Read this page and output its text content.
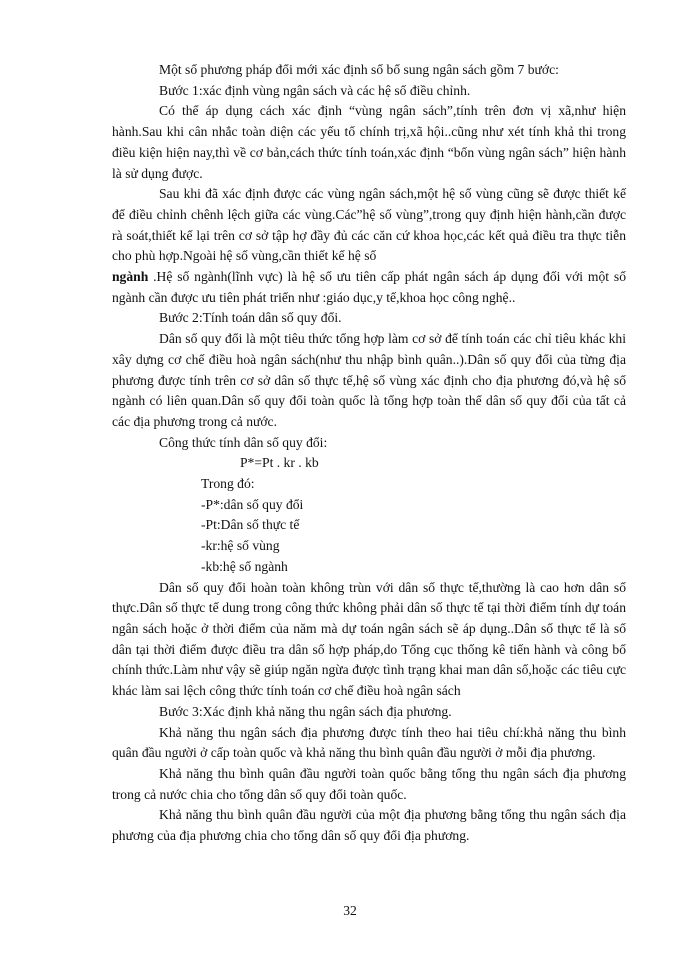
Một số phương pháp đổi mới xác định số bổ sung ngân sách gồm 7 bước:

Bước 1:xác định vùng ngân sách và các hệ số điều chỉnh.

Có thể áp dụng cách xác định “vùng ngân sách”,tính trên đơn vị xã,như hiện hành.Sau khi cân nhắc toàn diện các yếu tố chính trị,xã hội..cũng như xét tính khả thi trong điều kiện hiện nay,thì về cơ bản,cách thức tính toán,xác định “bốn vùng ngân sách” hiện hành là sử dụng được.

Sau khi đã xác định được các vùng ngân sách,một hệ số vùng cũng sẽ được thiết kế để điều chỉnh chênh lệch giữa các vùng.Các”hệ số vùng”,trong quy định hiện hành,cần được rà soát,thiết kế lại trên cơ sở tập hợ đầy đủ các căn cứ khoa học,các kết quả điều tra thực tiễn cho phù hợp.Ngoài hệ số vùng,cần thiết kế hệ số

ngành .Hệ số ngành(lĩnh vực) là hệ số ưu tiên cấp phát ngân sách áp dụng đối với một số ngành cần được ưu tiên phát triển như :giáo dục,y tế,khoa học công nghệ..

Bước 2:Tính toán dân số quy đổi.

Dân số quy đổi là một tiêu thức tổng hợp làm cơ sở để tính toán các chỉ tiêu khác khi xây dựng cơ chế điều hoà ngân sách(như thu nhập bình quân..).Dân số quy đổi của từng địa phương được tính trên cơ sở dân số thực tế,hệ số vùng xác định cho địa phương đó,và hệ số ngành có liên quan.Dân số quy đổi toàn quốc là tổng hợp toàn thể dân số quy đổi của tất cả các địa phương trong cả nước.

Công thức tính dân số quy đổi:

P*=Pt . kr . kb

Trong đó:

-P*:dân số quy đổi

-Pt:Dân số thực tế

-kr:hệ số vùng

-kb:hệ số ngành

Dân số quy đổi hoàn toàn không trùn với dân số thực tế,thường là cao hơn dân số thực.Dân số thực tế dung trong công thức không phải dân số thực tế tại thời điểm tính dự toán ngân sách hoặc ở thời điểm của năm mà dự toán ngân sách sẽ áp dụng..Dân số thực tế là số dân tại thời điểm được điều tra dân số hợp pháp,do Tổng cục thống kê tiến hành và công bố chính thức.Làm như vậy sẽ giúp ngăn ngừa được tình trạng khai man dân số,hoặc các tiêu cực khác làm sai lệch công thức tính toán cơ chế điều hoà ngân sách

Bước 3:Xác định khả năng thu ngân sách địa phương.

Khả năng thu ngân sách địa phương được tính theo hai tiêu chí:khả năng thu bình quân đầu người ở cấp toàn quốc và khả năng thu bình quân đầu người ở mỗi địa phương.

Khả năng thu bình quân đầu người toàn quốc bằng tổng thu ngân sách địa phương trong cả nước chia cho tổng dân số quy đổi toàn quốc.

Khả năng thu bình quân đầu người của một địa phương bằng tổng thu ngân sách địa phương của địa phương chia cho tổng dân số quy đổi địa phương.

32
